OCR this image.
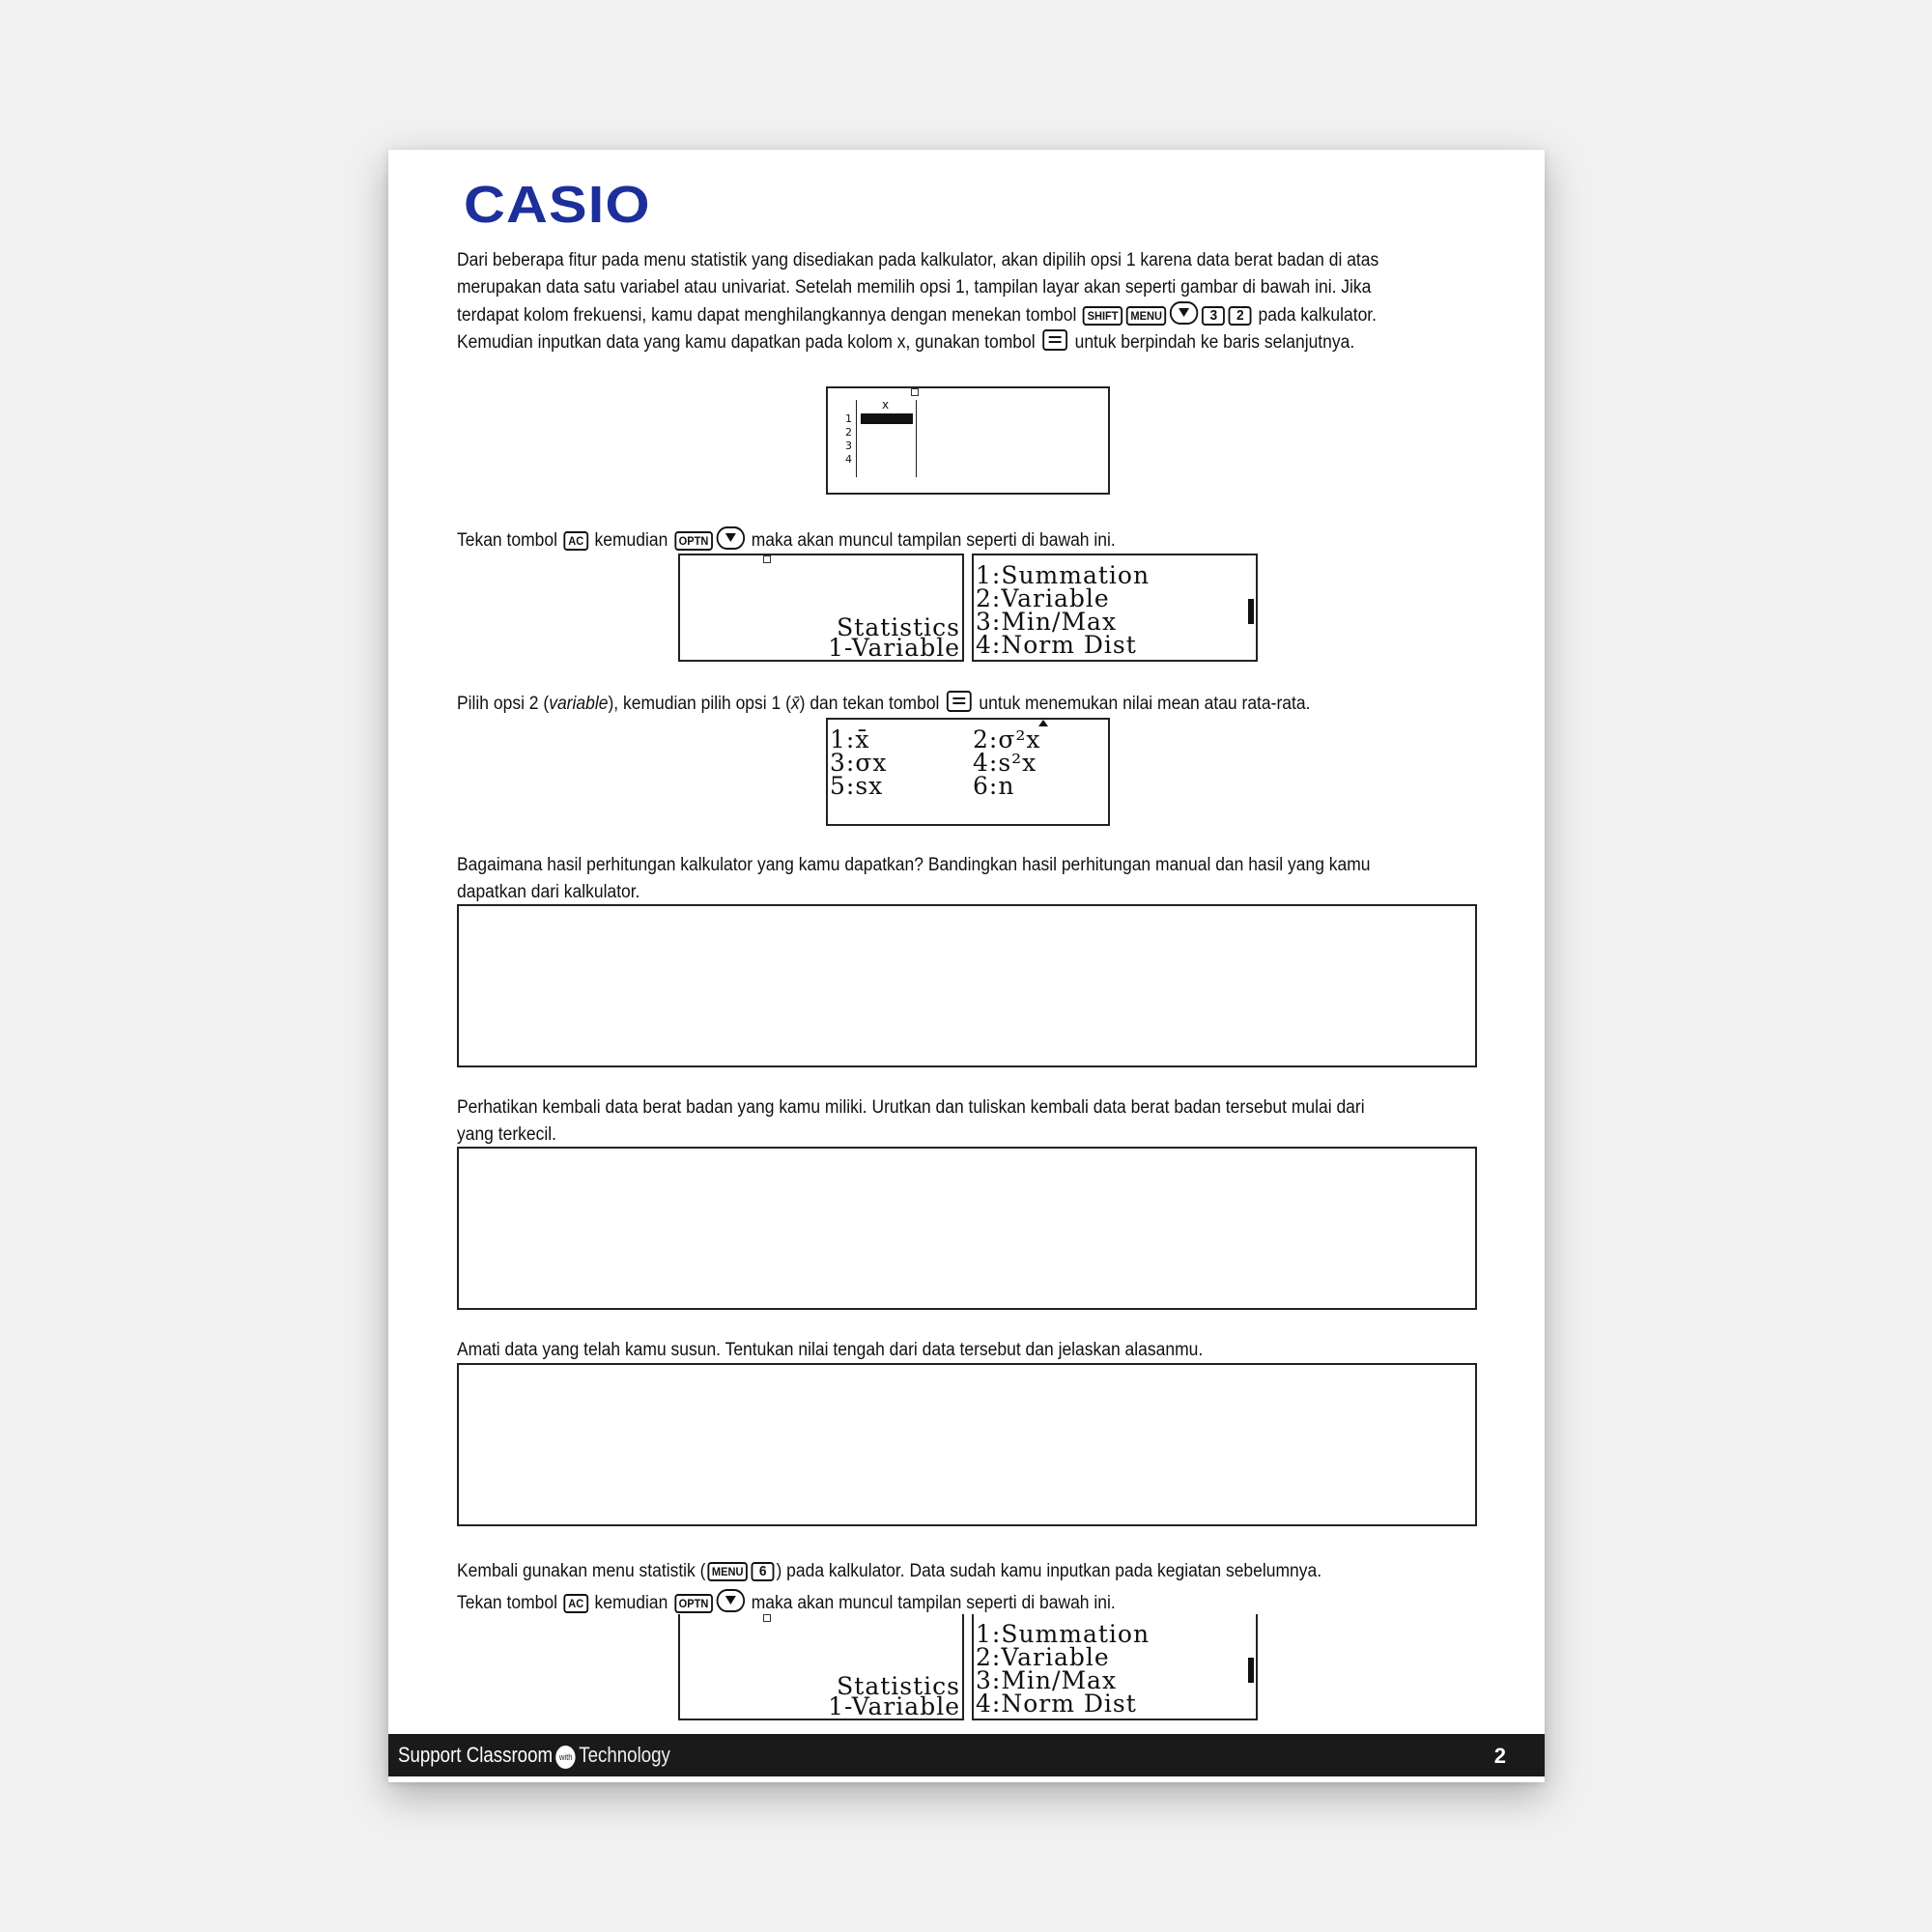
CASIO
Dari beberapa fitur pada menu statistik yang disediakan pada kalkulator, akan dipilih opsi 1 karena data berat badan di atas merupakan data satu variabel atau univariat. Setelah memilih opsi 1, tampilan layar akan seperti gambar di bawah ini. Jika terdapat kolom frekuensi, kamu dapat menghilangkannya dengan menekan tombol SHIFT MENU	3 2 pada kalkulator. Kemudian inputkan data yang kamu dapatkan pada kolom x, gunakan tombol untuk berpindah ke baris selanjutnya.
x
1
2
3
4
Tekan tombol AC kemudian OPTN maka akan muncul tampilan seperti di bawah ini.
Statistics
1-Variable
1:Summation
2:Variable
3:Min/Max
4:Norm Dist
Pilih opsi 2 (variable), kemudian pilih opsi 1 (x̄) dan tekan tombol untuk menemukan nilai mean atau rata-rata.
1:x̄	2:σ²x
3:σx	4:s²x
5:sx	6:n
Bagaimana hasil perhitungan kalkulator yang kamu dapatkan? Bandingkan hasil perhitungan manual dan hasil yang kamu dapatkan dari kalkulator.
Perhatikan kembali data berat badan yang kamu miliki. Urutkan dan tuliskan kembali data berat badan tersebut mulai dari yang terkecil.
Amati data yang telah kamu susun. Tentukan nilai tengah dari data tersebut dan jelaskan alasanmu.
Kembali gunakan menu statistik ( MENU 6 ) pada kalkulator. Data sudah kamu inputkan pada kegiatan sebelumnya.
Tekan tombol AC kemudian OPTN maka akan muncul tampilan seperti di bawah ini.
Statistics
1-Variable
1:Summation
2:Variable
3:Min/Max
4:Norm Dist
Support Classroom with Technology	2
